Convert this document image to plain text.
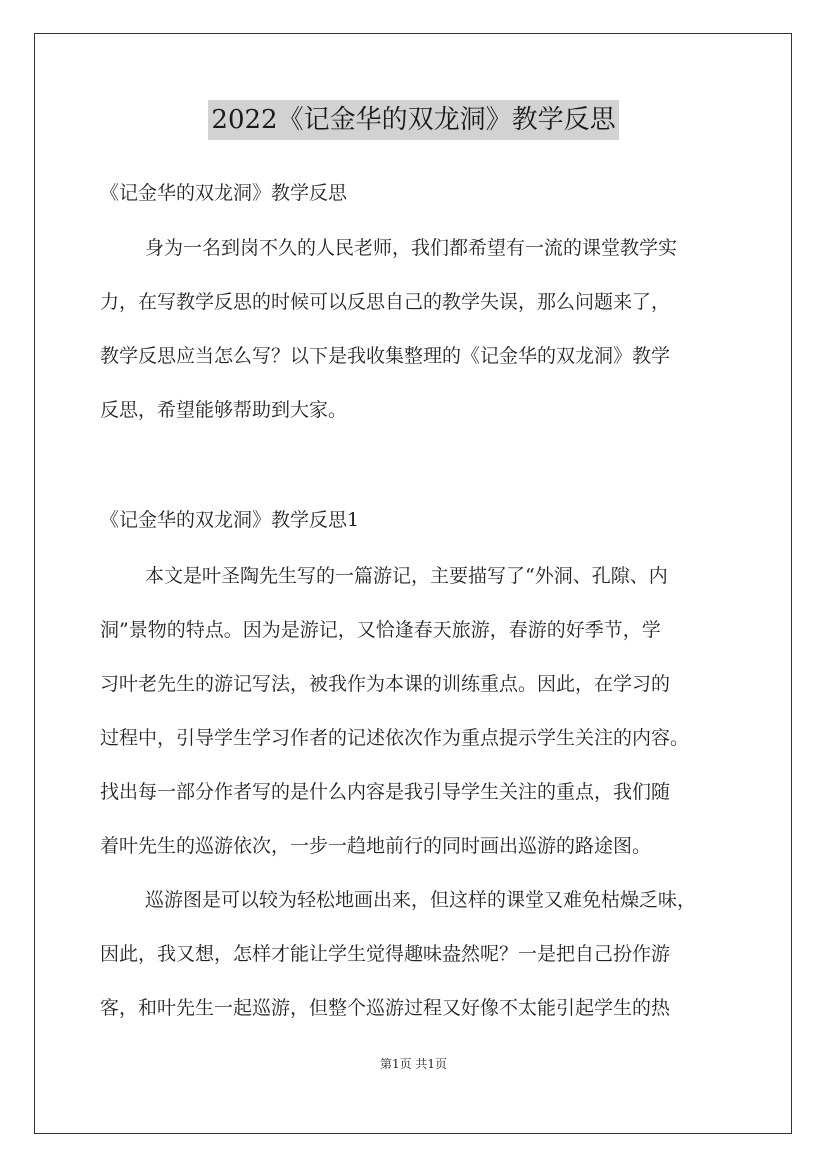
2022《记金华的双龙洞》教学反思
《记金华的双龙洞》教学反思
身为一名到岗不久的人民老师，我们都希望有一流的课堂教学实
力，在写教学反思的时候可以反思自己的教学失误，那么问题来了，
教学反思应当怎么写？以下是我收集整理的《记金华的双龙洞》教学
反思，希望能够帮助到大家。
《记金华的双龙洞》教学反思1
本文是叶圣陶先生写的一篇游记，主要描写了“外洞、孔隙、内
洞”景物的特点。因为是游记，又恰逢春天旅游，春游的好季节，学
习叶老先生的游记写法，被我作为本课的训练重点。因此，在学习的
过程中，引导学生学习作者的记述依次作为重点提示学生关注的内容。
找出每一部分作者写的是什么内容是我引导学生关注的重点，我们随
着叶先生的巡游依次，一步一趋地前行的同时画出巡游的路途图。
巡游图是可以较为轻松地画出来，但这样的课堂又难免枯燥乏味，
因此，我又想，怎样才能让学生觉得趣味盎然呢？一是把自己扮作游
客，和叶先生一起巡游，但整个巡游过程又好像不太能引起学生的热
第1页 共1页
